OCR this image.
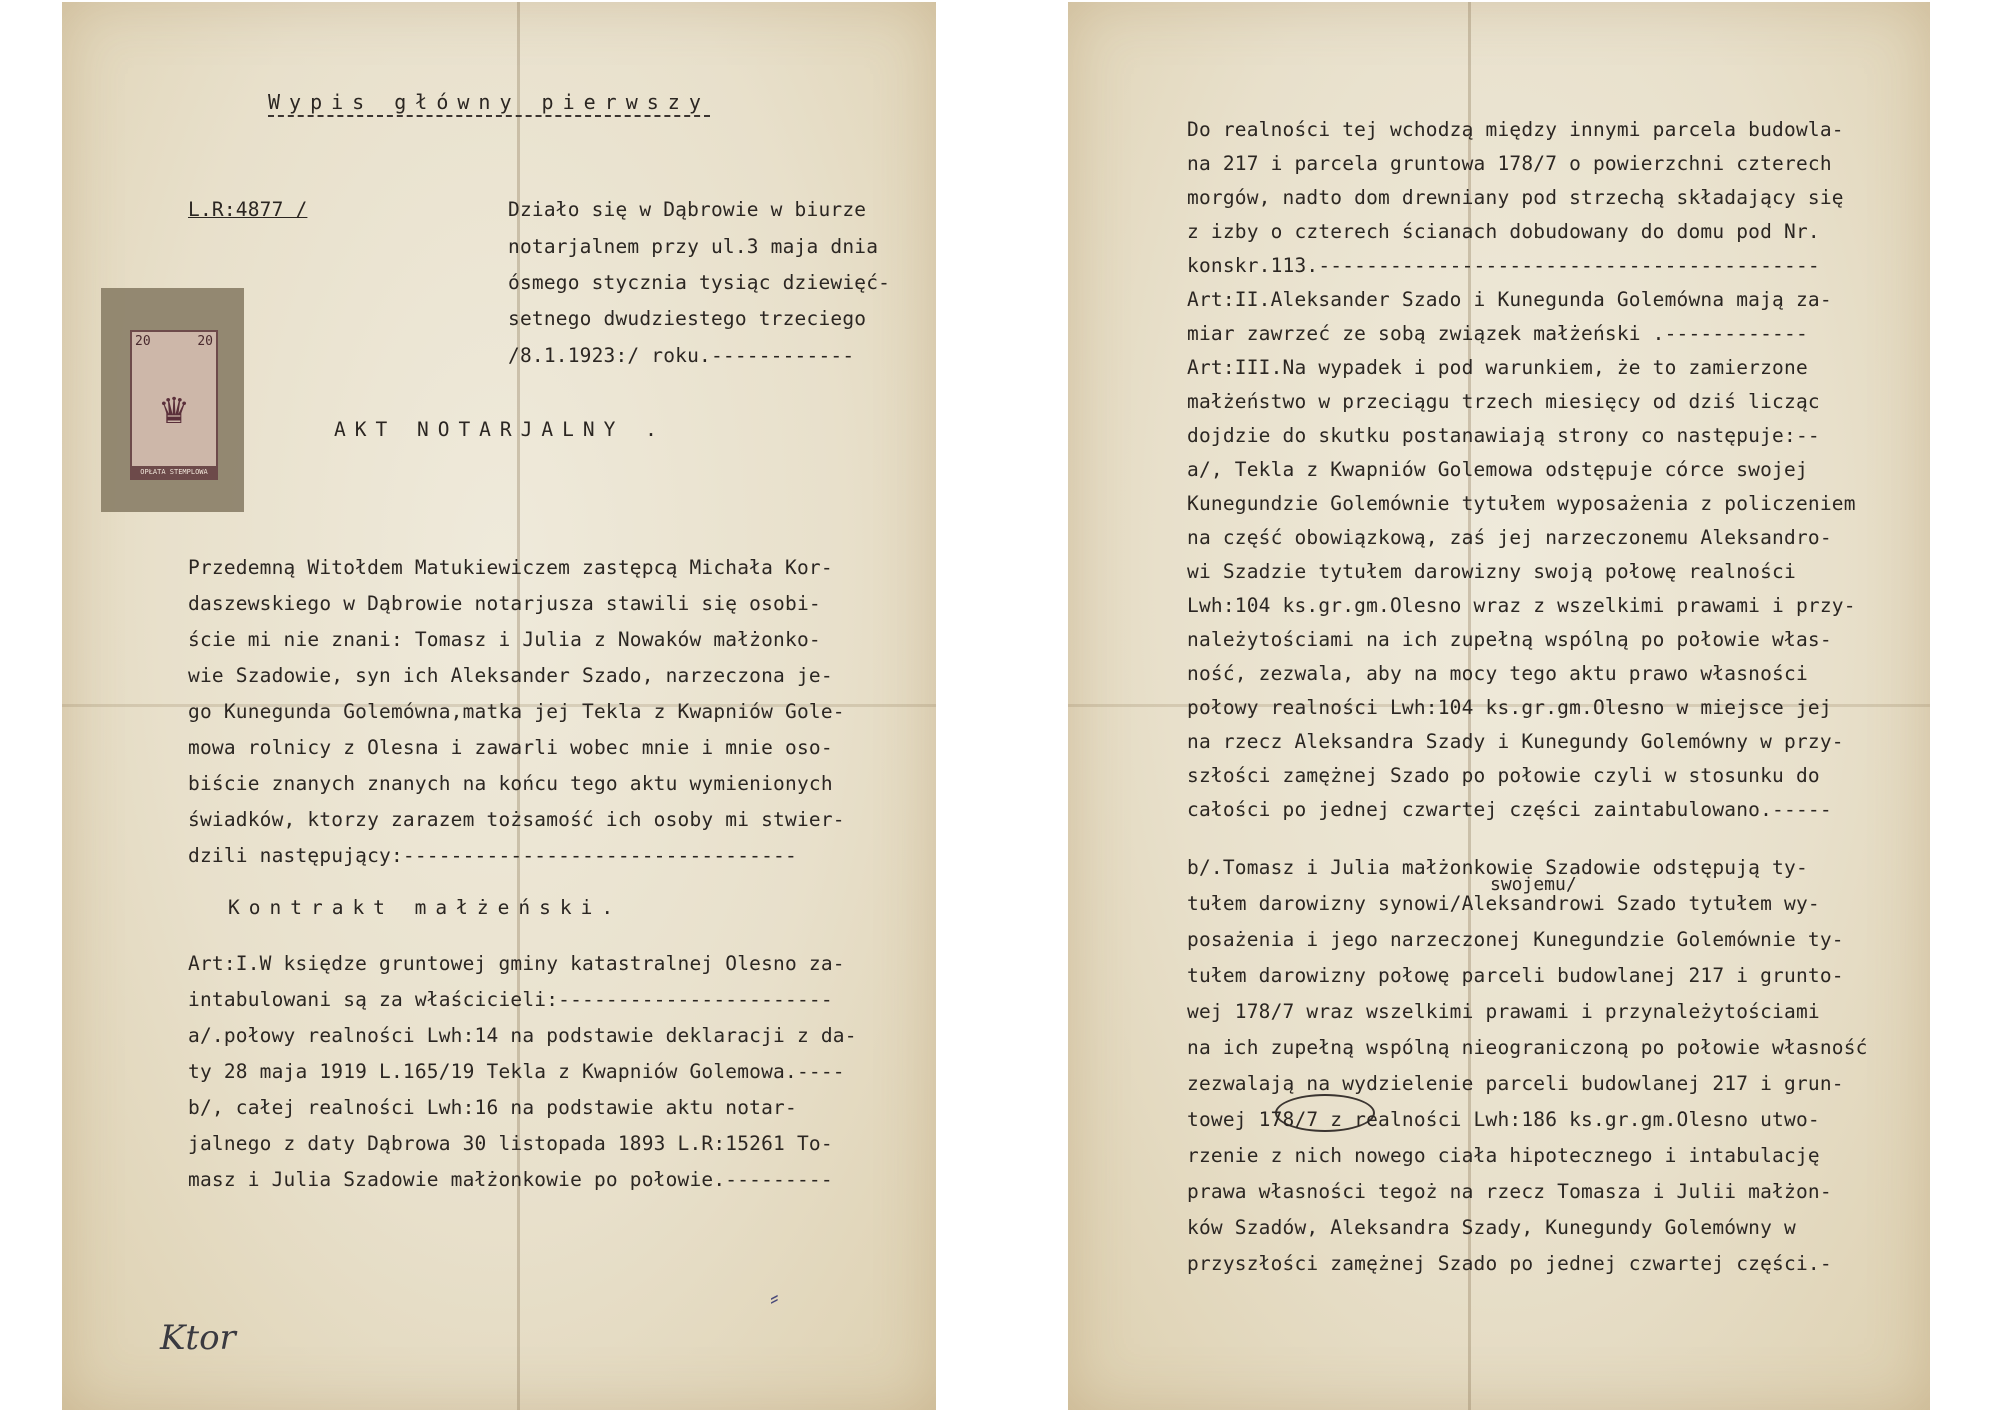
Wypis główny pierwszy
L.R:4877 /	Działo się w Dąbrowie w biurze
notarjalnem przy ul.3 maja dnia
ósmego stycznia tysiąc dziewięć-
setnego dwudziestego trzeciego
/8.1.1923:/ roku.------------
20	20
♛
OPŁATA STEMPLOWA
AKT NOTARJALNY .
Przedemną Witołdem Matukiewiczem zastępcą Michała Kor-
daszewskiego w Dąbrowie notarjusza stawili się osobi-
ście mi nie znani: Tomasz i Julia z Nowaków małżonko-
wie Szadowie, syn ich Aleksander Szado, narzeczona je-
go Kunegunda Golemówna,matka jej Tekla z Kwapniów Gole-
mowa rolnicy z Olesna i zawarli wobec mnie i mnie oso-
biście znanych znanych na końcu tego aktu wymienionych
świadków, ktorzy zarazem tożsamość ich osoby mi stwier-
dzili następujący:---------------------------------
Kontrakt małżeński.
Art:I.W księdze gruntowej gminy katastralnej Olesno za-
intabulowani są za właścicieli:-----------------------
a/.połowy realności Lwh:14 na podstawie deklaracji z da-
ty 28 maja 1919 L.165/19 Tekla z Kwapniów Golemowa.----
b/, całej realności Lwh:16 na podstawie aktu notar-
jalnego z daty Dąbrowa 30 listopada 1893 L.R:15261 To-
masz i Julia Szadowie małżonkowie po połowie.---------
Ktor
⸗
swojemu/
Do realności tej wchodzą między innymi parcela budowla-
na 217 i parcela gruntowa 178/7 o powierzchni czterech
morgów, nadto dom drewniany pod strzechą składający się
z izby o czterech ścianach dobudowany do domu pod Nr.
konskr.113.------------------------------------------
Art:II.Aleksander Szado i Kunegunda Golemówna mają za-
miar zawrzeć ze sobą związek małżeński .------------
Art:III.Na wypadek i pod warunkiem, że to zamierzone
małżeństwo w przeciągu trzech miesięcy od dziś licząc
dojdzie do skutku postanawiają strony co następuje:--
a/, Tekla z Kwapniów Golemowa odstępuje córce swojej
Kunegundzie Golemównie tytułem wyposażenia z policzeniem
na część obowiązkową, zaś jej narzeczonemu Aleksandro-
wi Szadzie tytułem darowizny swoją połowę realności
Lwh:104 ks.gr.gm.Olesno wraz z wszelkimi prawami i przy-
należytościami na ich zupełną wspólną po połowie włas-
ność, zezwala, aby na mocy tego aktu prawo własności
połowy realności Lwh:104 ks.gr.gm.Olesno w miejsce jej
na rzecz Aleksandra Szady i Kunegundy Golemówny w przy-
szłości zamężnej Szado po połowie czyli w stosunku do
całości po jednej czwartej części zaintabulowano.-----
b/.Tomasz i Julia małżonkowie Szadowie odstępują ty-
tułem darowizny synowi/Aleksandrowi Szado tytułem wy-
posażenia i jego narzeczonej Kunegundzie Golemównie ty-
tułem darowizny połowę parceli budowlanej 217 i grunto-
wej 178/7 wraz wszelkimi prawami i przynależytościami
na ich zupełną wspólną nieograniczoną po połowie własność
zezwalają na wydzielenie parceli budowlanej 217 i grun-
towej 178/7 z realności Lwh:186 ks.gr.gm.Olesno utwo-
rzenie z nich nowego ciała hipotecznego i intabulację
prawa własności tegoż na rzecz Tomasza i Julii małżon-
ków Szadów, Aleksandra Szady, Kunegundy Golemówny w
przyszłości zamężnej Szado po jednej czwartej części.-
